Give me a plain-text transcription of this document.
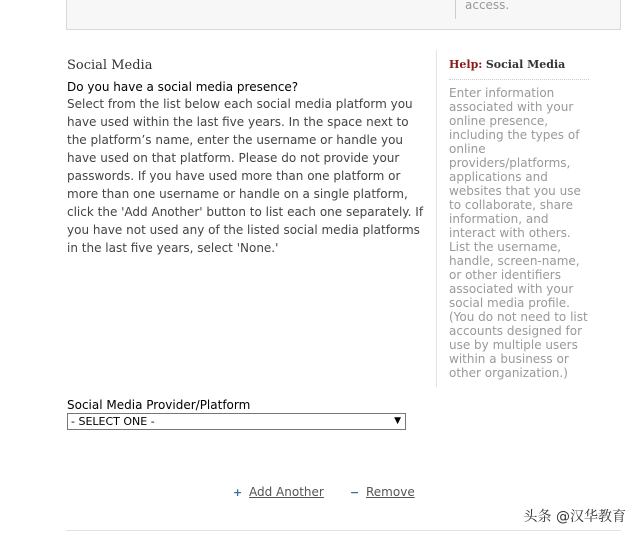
access.
Social Media
Do you have a social media presence?

Select from the list below each social media platform you have used within the last five years. In the space next to the platform’s name, enter the username or handle you have used on that platform. Please do not provide your passwords. If you have used more than one platform or more than one username or handle on a single platform, click the 'Add Another' button to list each one separately. If you have not used any of the listed social media platforms in the last five years, select 'None.'

Help: Social Media

Enter information associated with your online presence, including the types of online providers/platforms, applications and websites that you use to collaborate, share information, and interact with others. List the username, handle, screen-name, or other identifiers associated with your social media profile. (You do not need to list accounts designed for use by multiple users within a business or other organization.)

Social Media Provider/Platform
- SELECT ONE -	▼
+ Add Another − Remove
头条 @汉华教育
